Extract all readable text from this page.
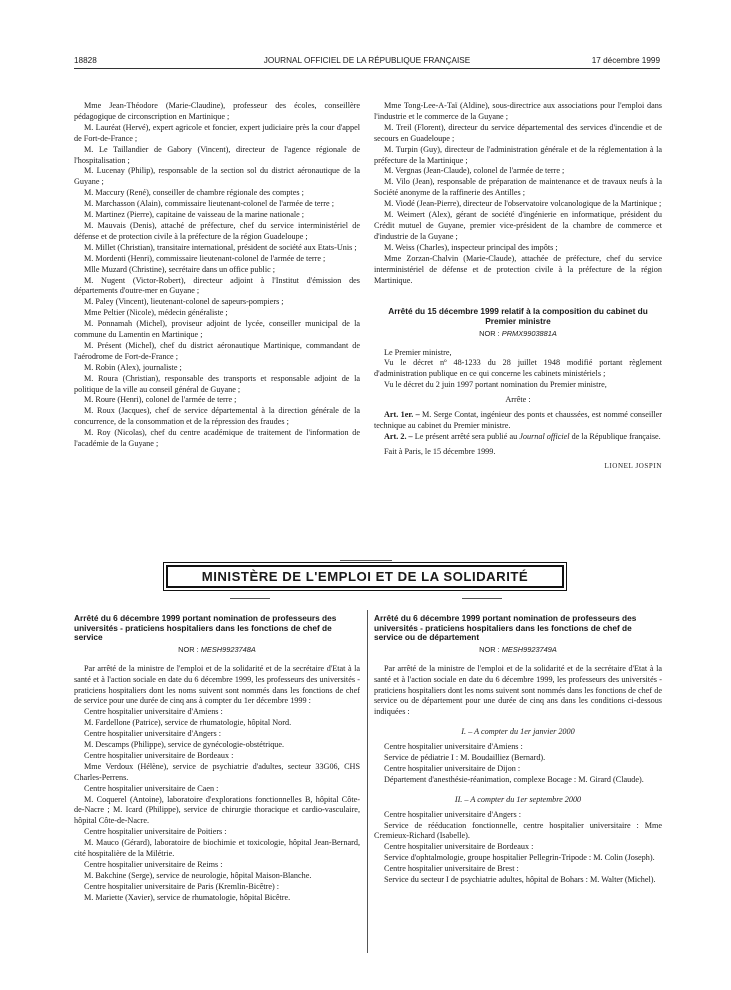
18828	JOURNAL OFFICIEL DE LA RÉPUBLIQUE FRANÇAISE	17 décembre 1999

Mme Jean-Théodore (Marie-Claudine), professeur des écoles, conseillère pédagogique de circonscription en Martinique ;

M. Lauréat (Hervé), expert agricole et foncier, expert judiciaire près la cour d'appel de Fort-de-France ;

M. Le Taillandier de Gabory (Vincent), directeur de l'agence régionale de l'hospitalisation ;

M. Lucenay (Philip), responsable de la section sol du district aéronautique de la Guyane ;

M. Maccury (René), conseiller de chambre régionale des comptes ;

M. Marchasson (Alain), commissaire lieutenant-colonel de l'armée de terre ;

M. Martinez (Pierre), capitaine de vaisseau de la marine nationale ;

M. Mauvais (Denis), attaché de préfecture, chef du service interministériel de défense et de protection civile à la préfecture de la région Guadeloupe ;

M. Millet (Christian), transitaire international, président de société aux Etats-Unis ;

M. Mordenti (Henri), commissaire lieutenant-colonel de l'armée de terre ;

Mlle Muzard (Christine), secrétaire dans un office public ;

M. Nugent (Victor-Robert), directeur adjoint à l'Institut d'émission des départements d'outre-mer en Guyane ;

M. Paley (Vincent), lieutenant-colonel de sapeurs-pompiers ;

Mme Peltier (Nicole), médecin généraliste ;

M. Ponnamah (Michel), proviseur adjoint de lycée, conseiller municipal de la commune du Lamentin en Martinique ;

M. Présent (Michel), chef du district aéronautique Martinique, commandant de l'aérodrome de Fort-de-France ;

M. Robin (Alex), journaliste ;

M. Roura (Christian), responsable des transports et responsable adjoint de la politique de la ville au conseil général de Guyane ;

M. Roure (Henri), colonel de l'armée de terre ;

M. Roux (Jacques), chef de service départemental à la direction générale de la concurrence, de la consommation et de la répression des fraudes ;

M. Roy (Nicolas), chef du centre académique de traitement de l'information de l'académie de la Guyane ;

Mme Tong-Lee-A-Taï (Aldine), sous-directrice aux associations pour l'emploi dans l'industrie et le commerce de la Guyane ;

M. Treil (Florent), directeur du service départemental des services d'incendie et de secours en Guadeloupe ;

M. Turpin (Guy), directeur de l'administration générale et de la réglementation à la préfecture de la Martinique ;

M. Vergnas (Jean-Claude), colonel de l'armée de terre ;

M. Vilo (Jean), responsable de préparation de maintenance et de travaux neufs à la Société anonyme de la raffinerie des Antilles ;

M. Viodé (Jean-Pierre), directeur de l'observatoire volcanologique de la Martinique ;

M. Weimert (Alex), gérant de société d'ingénierie en informatique, président du Crédit mutuel de Guyane, premier vice-président de la chambre de commerce et d'industrie de la Guyane ;

M. Weiss (Charles), inspecteur principal des impôts ;

Mme Zorzan-Chalvin (Marie-Claude), attachée de préfecture, chef du service interministériel de défense et de protection civile à la préfecture de la région Martinique.

Arrêté du 15 décembre 1999 relatif à la composition du cabinet du Premier ministre
NOR : PRMX9903881A

Le Premier ministre,

Vu le décret nº 48-1233 du 28 juillet 1948 modifié portant règlement d'administration publique en ce qui concerne les cabinets ministériels ;

Vu le décret du 2 juin 1997 portant nomination du Premier ministre,

Arrête :

Art. 1er. – M. Serge Contat, ingénieur des ponts et chaussées, est nommé conseiller technique au cabinet du Premier ministre.

Art. 2. – Le présent arrêté sera publié au Journal officiel de la République française.

Fait à Paris, le 15 décembre 1999.

LIONEL JOSPIN
MINISTÈRE DE L'EMPLOI ET DE LA SOLIDARITÉ
Arrêté du 6 décembre 1999 portant nomination de professeurs des universités - praticiens hospitaliers dans les fonctions de chef de service
NOR : MESH9923748A

Par arrêté de la ministre de l'emploi et de la solidarité et de la secrétaire d'Etat à la santé et à l'action sociale en date du 6 décembre 1999, les professeurs des universités - praticiens hospitaliers dont les noms suivent sont nommés dans les fonctions de chef de service pour une durée de cinq ans à compter du 1er décembre 1999 :

Centre hospitalier universitaire d'Amiens :

M. Fardellone (Patrice), service de rhumatologie, hôpital Nord.

Centre hospitalier universitaire d'Angers :

M. Descamps (Philippe), service de gynécologie-obstétrique.

Centre hospitalier universitaire de Bordeaux :

Mme Verdoux (Hélène), service de psychiatrie d'adultes, secteur 33G06, CHS Charles-Perrens.

Centre hospitalier universitaire de Caen :

M. Coquerel (Antoine), laboratoire d'explorations fonctionnelles B, hôpital Côte-de-Nacre ; M. Icard (Philippe), service de chirurgie thoracique et cardio-vasculaire, hôpital Côte-de-Nacre.

Centre hospitalier universitaire de Poitiers :

M. Mauco (Gérard), laboratoire de biochimie et toxicologie, hôpital Jean-Bernard, cité hospitalière de la Milétrie.

Centre hospitalier universitaire de Reims :

M. Bakchine (Serge), service de neurologie, hôpital Maison-Blanche.

Centre hospitalier universitaire de Paris (Kremlin-Bicêtre) :

M. Mariette (Xavier), service de rhumatologie, hôpital Bicêtre.

Arrêté du 6 décembre 1999 portant nomination de professeurs des universités - praticiens hospitaliers dans les fonctions de chef de service ou de département
NOR : MESH9923749A

Par arrêté de la ministre de l'emploi et de la solidarité et de la secrétaire d'Etat à la santé et à l'action sociale en date du 6 décembre 1999, les professeurs des universités - praticiens hospitaliers dont les noms suivent sont nommés dans les fonctions de chef de service ou de département pour une durée de cinq ans dans les conditions ci-dessous indiquées :

I. – A compter du 1er janvier 2000

Centre hospitalier universitaire d'Amiens :

Service de pédiatrie I : M. Boudailliez (Bernard).

Centre hospitalier universitaire de Dijon :

Département d'anesthésie-réanimation, complexe Bocage : M. Girard (Claude).

II. – A compter du 1er septembre 2000

Centre hospitalier universitaire d'Angers :

Service de rééducation fonctionnelle, centre hospitalier universitaire : Mme Cremieux-Richard (Isabelle).

Centre hospitalier universitaire de Bordeaux :

Service d'ophtalmologie, groupe hospitalier Pellegrin-Tripode : M. Colin (Joseph).

Centre hospitalier universitaire de Brest :

Service du secteur I de psychiatrie adultes, hôpital de Bohars : M. Walter (Michel).
